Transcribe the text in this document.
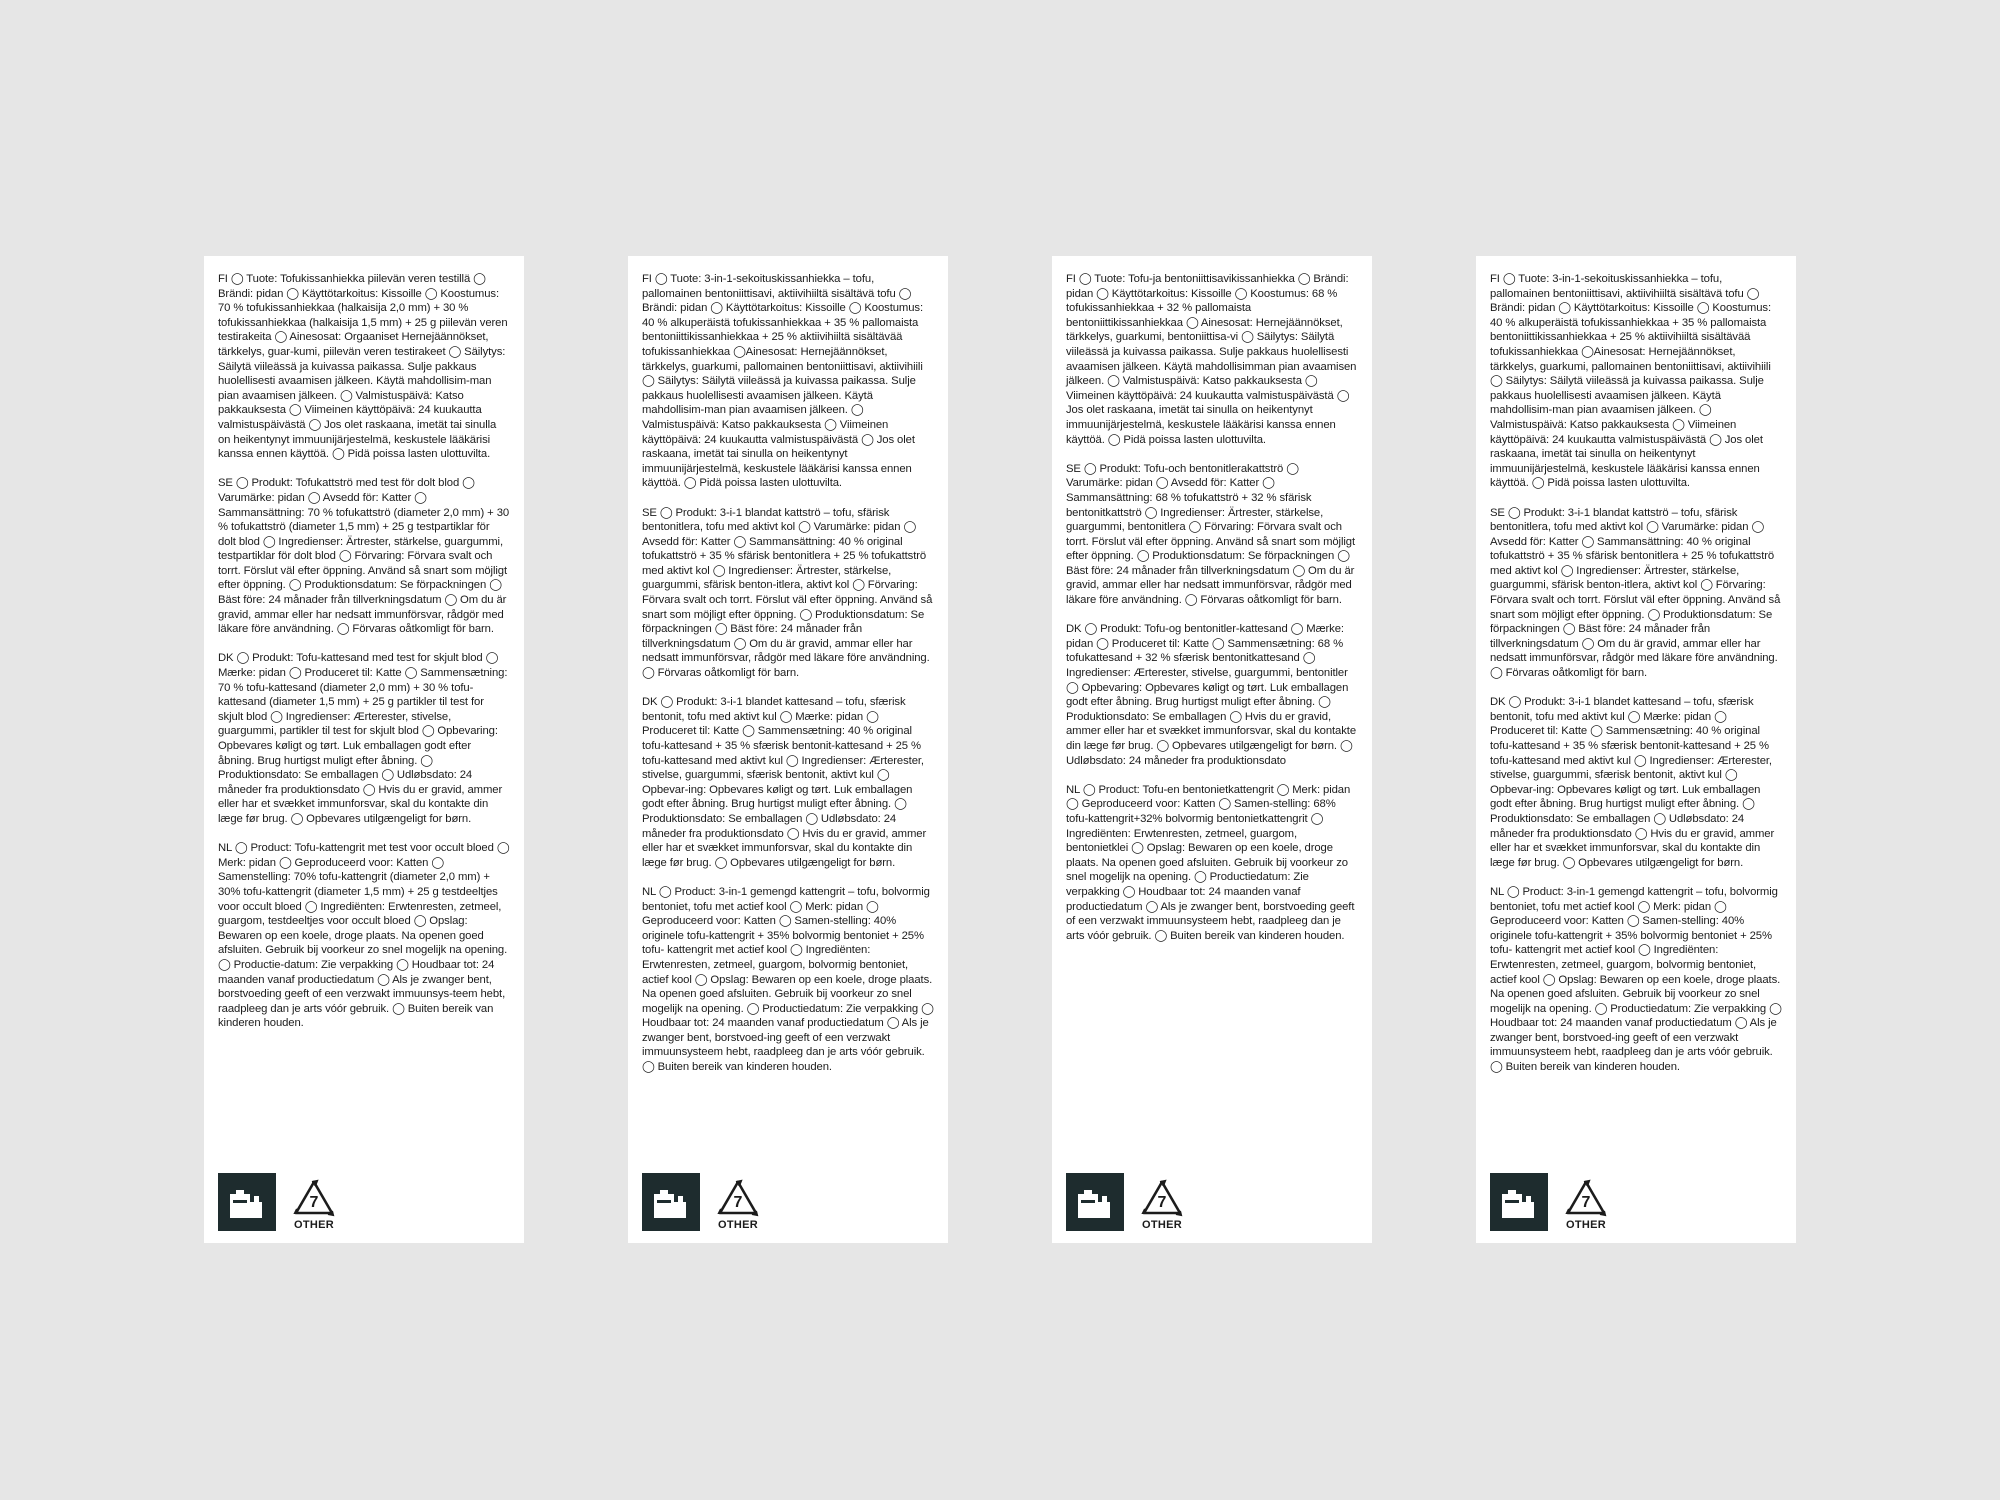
FI ◯ Tuote: Tofukissanhiekka piilevän veren testillä ◯ Brändi: pidan ◯ Käyttötarkoitus: Kissoille ◯ Koostumus: 70 % tofukissanhiekkaa (halkaisija 2,0 mm) + 30 % tofukissanhiekkaa (halkaisija 1,5 mm) + 25 g piilevän veren testirakeita ◯ Ainesosat: Orgaaniset Hernejäännökset, tärkkelys, guar-kumi, piilevän veren testirakeet ◯ Säilytys: Säilytä viileässä ja kuivassa paikassa. Sulje pakkaus huolellisesti avaamisen jälkeen. Käytä mahdollisim-man pian avaamisen jälkeen. ◯ Valmistuspäivä: Katso pakkauksesta ◯ Viimeinen käyttöpäivä: 24 kuukautta valmistuspäivästä ◯ Jos olet raskaana, imetät tai sinulla on heikentynyt immuunijärjestelmä, keskustele lääkärisi kanssa ennen käyttöä. ◯ Pidä poissa lasten ulottuvilta.

SE ◯ Produkt: Tofukattströ med test för dolt blod ◯ Varumärke: pidan ◯ Avsedd för: Katter ◯ Sammansättning: 70 % tofukattströ (diameter 2,0 mm) + 30 % tofukattströ (diameter 1,5 mm) + 25 g testpartiklar för dolt blod ◯ Ingredienser: Ärtrester, stärkelse, guargummi, testpartiklar för dolt blod ◯ Förvaring: Förvara svalt och torrt. Förslut väl efter öppning. Använd så snart som möjligt efter öppning. ◯ Produktionsdatum: Se förpackningen ◯ Bäst före: 24 månader från tillverkningsdatum ◯ Om du är gravid, ammar eller har nedsatt immunförsvar, rådgör med läkare före användning. ◯ Förvaras oåtkomligt för barn.

DK ◯ Produkt: Tofu-kattesand med test for skjult blod ◯ Mærke: pidan ◯ Produceret til: Katte ◯ Sammensætning: 70 % tofu-kattesand (diameter 2,0 mm) + 30 % tofu-kattesand (diameter 1,5 mm) + 25 g partikler til test for skjult blod ◯ Ingredienser: Ærterester, stivelse, guargummi, partikler til test for skjult blod ◯ Opbevaring: Opbevares køligt og tørt. Luk emballagen godt efter åbning. Brug hurtigst muligt efter åbning. ◯ Produktionsdato: Se emballagen ◯ Udløbsdato: 24 måneder fra produktionsdato ◯ Hvis du er gravid, ammer eller har et svækket immunforsvar, skal du kontakte din læge før brug. ◯ Opbevares utilgængeligt for børn.

NL ◯ Product: Tofu-kattengrit met test voor occult bloed ◯ Merk: pidan ◯ Geproduceerd voor: Katten ◯ Samenstelling: 70% tofu-kattengrit (diameter 2,0 mm) + 30% tofu-kattengrit (diameter 1,5 mm) + 25 g testdeeltjes voor occult bloed ◯ Ingrediënten: Erwtenresten, zetmeel, guargom, testdeeltjes voor occult bloed ◯ Opslag: Bewaren op een koele, droge plaats. Na openen goed afsluiten. Gebruik bij voorkeur zo snel mogelijk na opening. ◯ Productie-datum: Zie verpakking ◯ Houdbaar tot: 24 maanden vanaf productiedatum ◯ Als je zwanger bent, borstvoeding geeft of een verzwakt immuunsys-teem hebt, raadpleeg dan je arts vóór gebruik. ◯ Buiten bereik van kinderen houden.

7
OTHER

FI ◯ Tuote: 3-in-1-sekoituskissanhiekka – tofu, pallomainen bentoniittisavi, aktiivihiiltä sisältävä tofu ◯ Brändi: pidan ◯ Käyttötarkoitus: Kissoille ◯ Koostumus: 40 % alkuperäistä tofukissanhiekkaa + 35 % pallomaista bentoniittikissanhiekkaa + 25 % aktiivihiiltä sisältävää tofukissanhiekkaa ◯Ainesosat: Hernejäännökset, tärkkelys, guarkumi, pallomainen bentoniittisavi, aktiivihiili ◯ Säilytys: Säilytä viileässä ja kuivassa paikassa. Sulje pakkaus huolellisesti avaamisen jälkeen. Käytä mahdollisim-man pian avaamisen jälkeen. ◯ Valmistuspäivä: Katso pakkauksesta ◯ Viimeinen käyttöpäivä: 24 kuukautta valmistuspäivästä ◯ Jos olet raskaana, imetät tai sinulla on heikentynyt immuunijärjestelmä, keskustele lääkärisi kanssa ennen käyttöä. ◯ Pidä poissa lasten ulottuvilta.

SE ◯ Produkt: 3-i-1 blandat kattströ – tofu, sfärisk bentonitlera, tofu med aktivt kol ◯ Varumärke: pidan ◯ Avsedd för: Katter ◯ Sammansättning: 40 % original tofukattströ + 35 % sfärisk bentonitlera + 25 % tofukattströ med aktivt kol ◯ Ingredienser: Ärtrester, stärkelse, guargummi, sfärisk benton-itlera, aktivt kol ◯ Förvaring: Förvara svalt och torrt. Förslut väl efter öppning. Använd så snart som möjligt efter öppning. ◯ Produktionsdatum: Se förpackningen ◯ Bäst före: 24 månader från tillverkningsdatum ◯ Om du är gravid, ammar eller har nedsatt immunförsvar, rådgör med läkare före användning. ◯ Förvaras oåtkomligt för barn.

DK ◯ Produkt: 3-i-1 blandet kattesand – tofu, sfærisk bentonit, tofu med aktivt kul ◯ Mærke: pidan ◯ Produceret til: Katte ◯ Sammensætning: 40 % original tofu-kattesand + 35 % sfærisk bentonit-kattesand + 25 % tofu-kattesand med aktivt kul ◯ Ingredienser: Ærterester, stivelse, guargummi, sfærisk bentonit, aktivt kul ◯ Opbevar-ing: Opbevares køligt og tørt. Luk emballagen godt efter åbning. Brug hurtigst muligt efter åbning. ◯ Produktionsdato: Se emballagen ◯ Udløbsdato: 24 måneder fra produktionsdato ◯ Hvis du er gravid, ammer eller har et svækket immunforsvar, skal du kontakte din læge før brug. ◯ Opbevares utilgængeligt for børn.

NL ◯ Product: 3-in-1 gemengd kattengrit – tofu, bolvormig bentoniet, tofu met actief kool ◯ Merk: pidan ◯ Geproduceerd voor: Katten ◯ Samen-stelling: 40% originele tofu-kattengrit + 35% bolvormig bentoniet + 25% tofu- kattengrit met actief kool ◯ Ingrediënten: Erwtenresten, zetmeel, guargom, bolvormig bentoniet, actief kool ◯ Opslag: Bewaren op een koele, droge plaats. Na openen goed afsluiten. Gebruik bij voorkeur zo snel mogelijk na opening. ◯ Productiedatum: Zie verpakking ◯ Houdbaar tot: 24 maanden vanaf productiedatum ◯ Als je zwanger bent, borstvoed-ing geeft of een verzwakt immuunsysteem hebt, raadpleeg dan je arts vóór gebruik. ◯ Buiten bereik van kinderen houden.

7
OTHER

FI ◯ Tuote: Tofu-ja bentoniittisavikissanhiekka ◯ Brändi: pidan ◯ Käyttötarkoitus: Kissoille ◯ Koostumus: 68 % tofukissanhiekkaa + 32 % pallomaista bentoniittikissanhiekkaa ◯ Ainesosat: Hernejäännökset, tärkkelys, guarkumi, bentoniittisa-vi ◯ Säilytys: Säilytä viileässä ja kuivassa paikassa. Sulje pakkaus huolellisesti avaamisen jälkeen. Käytä mahdollisimman pian avaamisen jälkeen. ◯ Valmistuspäivä: Katso pakkauksesta ◯ Viimeinen käyttöpäivä: 24 kuukautta valmistuspäivästä ◯ Jos olet raskaana, imetät tai sinulla on heikentynyt immuunijärjestelmä, keskustele lääkärisi kanssa ennen käyttöä. ◯ Pidä poissa lasten ulottuvilta.

SE ◯ Produkt: Tofu-och bentonitlerakattströ ◯ Varumärke: pidan ◯ Avsedd för: Katter ◯ Sammansättning: 68 % tofukattströ + 32 % sfärisk bentonitkattströ ◯ Ingredienser: Ärtrester, stärkelse, guargummi, bentonitlera ◯ Förvaring: Förvara svalt och torrt. Förslut väl efter öppning. Använd så snart som möjligt efter öppning. ◯ Produktionsdatum: Se förpackningen ◯ Bäst före: 24 månader från tillverkningsdatum ◯ Om du är gravid, ammar eller har nedsatt immunförsvar, rådgör med läkare före användning. ◯ Förvaras oåtkomligt för barn.

DK ◯ Produkt: Tofu-og bentonitler-kattesand ◯ Mærke: pidan ◯ Produceret til: Katte ◯ Sammensætning: 68 % tofukattesand + 32 % sfærisk bentonitkattesand ◯ Ingredienser: Ærterester, stivelse, guargummi, bentonitler ◯ Opbevaring: Opbevares køligt og tørt. Luk emballagen godt efter åbning. Brug hurtigst muligt efter åbning. ◯ Produktionsdato: Se emballagen ◯ Hvis du er gravid, ammer eller har et svækket immunforsvar, skal du kontakte din læge før brug. ◯ Opbevares utilgængeligt for børn. ◯ Udløbsdato: 24 måneder fra produktionsdato

NL ◯ Product: Tofu-en bentonietkattengrit ◯ Merk: pidan ◯ Geproduceerd voor: Katten ◯ Samen-stelling: 68% tofu-kattengrit+32% bolvormig bentonietkattengrit ◯ Ingrediënten: Erwtenresten, zetmeel, guargom, bentonietklei ◯ Opslag: Bewaren op een koele, droge plaats. Na openen goed afsluiten. Gebruik bij voorkeur zo snel mogelijk na opening. ◯ Productiedatum: Zie verpakking ◯ Houdbaar tot: 24 maanden vanaf productiedatum ◯ Als je zwanger bent, borstvoeding geeft of een verzwakt immuunsysteem hebt, raadpleeg dan je arts vóór gebruik. ◯ Buiten bereik van kinderen houden.

7
OTHER

FI ◯ Tuote: 3-in-1-sekoituskissanhiekka – tofu, pallomainen bentoniittisavi, aktiivihiiltä sisältävä tofu ◯ Brändi: pidan ◯ Käyttötarkoitus: Kissoille ◯ Koostumus: 40 % alkuperäistä tofukissanhiekkaa + 35 % pallomaista bentoniittikissanhiekkaa + 25 % aktiivihiiltä sisältävää tofukissanhiekkaa ◯Ainesosat: Hernejäännökset, tärkkelys, guarkumi, pallomainen bentoniittisavi, aktiivihiili ◯ Säilytys: Säilytä viileässä ja kuivassa paikassa. Sulje pakkaus huolellisesti avaamisen jälkeen. Käytä mahdollisim-man pian avaamisen jälkeen. ◯ Valmistuspäivä: Katso pakkauksesta ◯ Viimeinen käyttöpäivä: 24 kuukautta valmistuspäivästä ◯ Jos olet raskaana, imetät tai sinulla on heikentynyt immuunijärjestelmä, keskustele lääkärisi kanssa ennen käyttöä. ◯ Pidä poissa lasten ulottuvilta.

SE ◯ Produkt: 3-i-1 blandat kattströ – tofu, sfärisk bentonitlera, tofu med aktivt kol ◯ Varumärke: pidan ◯ Avsedd för: Katter ◯ Sammansättning: 40 % original tofukattströ + 35 % sfärisk bentonitlera + 25 % tofukattströ med aktivt kol ◯ Ingredienser: Ärtrester, stärkelse, guargummi, sfärisk benton-itlera, aktivt kol ◯ Förvaring: Förvara svalt och torrt. Förslut väl efter öppning. Använd så snart som möjligt efter öppning. ◯ Produktionsdatum: Se förpackningen ◯ Bäst före: 24 månader från tillverkningsdatum ◯ Om du är gravid, ammar eller har nedsatt immunförsvar, rådgör med läkare före användning. ◯ Förvaras oåtkomligt för barn.

DK ◯ Produkt: 3-i-1 blandet kattesand – tofu, sfærisk bentonit, tofu med aktivt kul ◯ Mærke: pidan ◯ Produceret til: Katte ◯ Sammensætning: 40 % original tofu-kattesand + 35 % sfærisk bentonit-kattesand + 25 % tofu-kattesand med aktivt kul ◯ Ingredienser: Ærterester, stivelse, guargummi, sfærisk bentonit, aktivt kul ◯ Opbevar-ing: Opbevares køligt og tørt. Luk emballagen godt efter åbning. Brug hurtigst muligt efter åbning. ◯ Produktionsdato: Se emballagen ◯ Udløbsdato: 24 måneder fra produktionsdato ◯ Hvis du er gravid, ammer eller har et svækket immunforsvar, skal du kontakte din læge før brug. ◯ Opbevares utilgængeligt for børn.

NL ◯ Product: 3-in-1 gemengd kattengrit – tofu, bolvormig bentoniet, tofu met actief kool ◯ Merk: pidan ◯ Geproduceerd voor: Katten ◯ Samen-stelling: 40% originele tofu-kattengrit + 35% bolvormig bentoniet + 25% tofu- kattengrit met actief kool ◯ Ingrediënten: Erwtenresten, zetmeel, guargom, bolvormig bentoniet, actief kool ◯ Opslag: Bewaren op een koele, droge plaats. Na openen goed afsluiten. Gebruik bij voorkeur zo snel mogelijk na opening. ◯ Productiedatum: Zie verpakking ◯ Houdbaar tot: 24 maanden vanaf productiedatum ◯ Als je zwanger bent, borstvoed-ing geeft of een verzwakt immuunsysteem hebt, raadpleeg dan je arts vóór gebruik. ◯ Buiten bereik van kinderen houden.

7
OTHER
